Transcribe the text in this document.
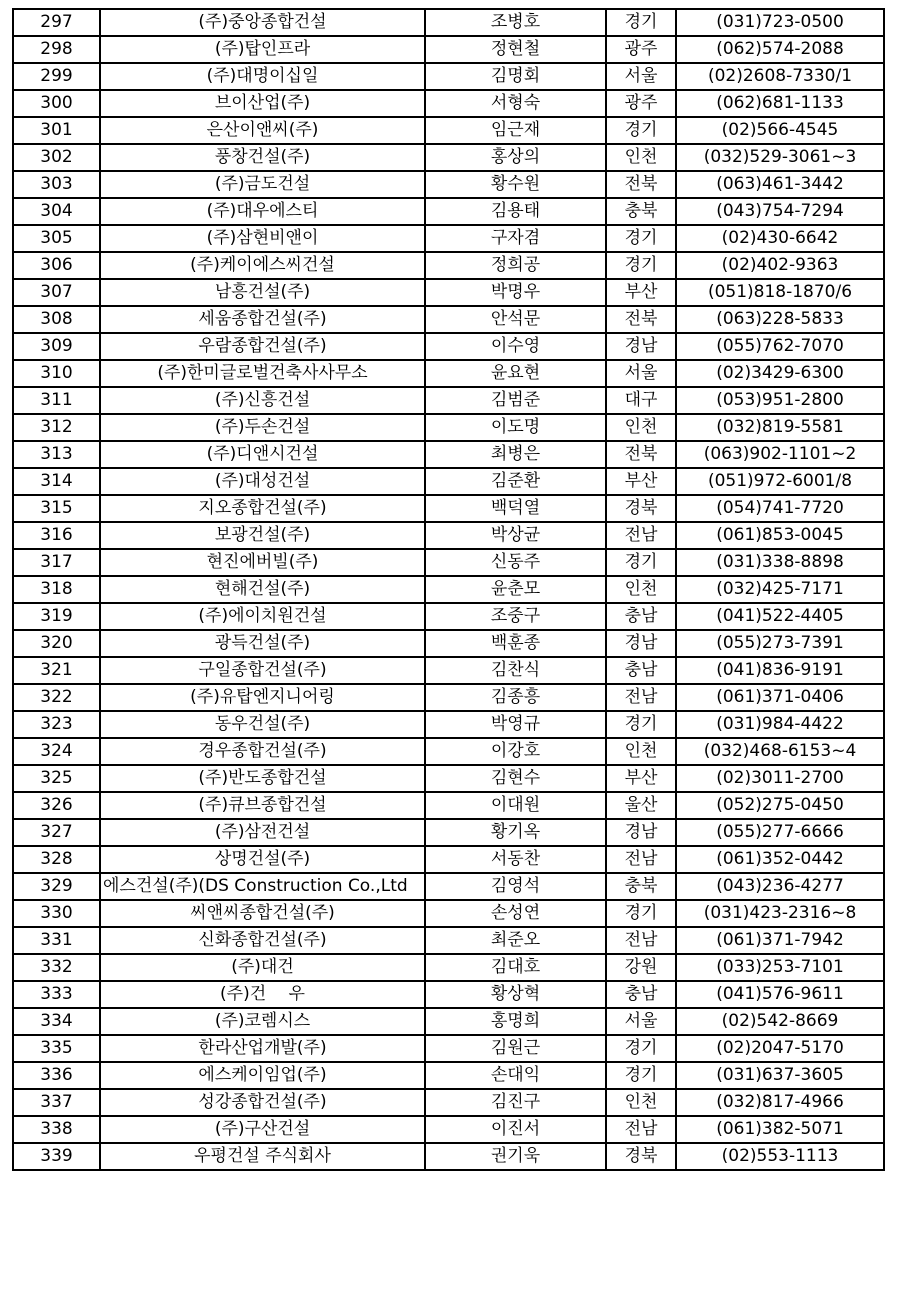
297	(주)중앙종합건설	조병호	경기	(031)723-0500
298	(주)탑인프라	정현철	광주	(062)574-2088
299	(주)대명이십일	김명회	서울	(02)2608-7330/1
300	브이산업(주)	서형숙	광주	(062)681-1133
301	은산이앤씨(주)	임근재	경기	(02)566-4545
302	풍창건설(주)	홍상의	인천	(032)529-3061~3
303	(주)금도건설	황수원	전북	(063)461-3442
304	(주)대우에스티	김용태	충북	(043)754-7294
305	(주)삼현비앤이	구자겸	경기	(02)430-6642
306	(주)케이에스씨건설	정희공	경기	(02)402-9363
307	남흥건설(주)	박명우	부산	(051)818-1870/6
308	세움종합건설(주)	안석문	전북	(063)228-5833
309	우람종합건설(주)	이수영	경남	(055)762-7070
310	(주)한미글로벌건축사사무소	윤요현	서울	(02)3429-6300
311	(주)신흥건설	김범준	대구	(053)951-2800
312	(주)두손건설	이도명	인천	(032)819-5581
313	(주)디앤시건설	최병은	전북	(063)902-1101~2
314	(주)대성건설	김준환	부산	(051)972-6001/8
315	지오종합건설(주)	백덕열	경북	(054)741-7720
316	보광건설(주)	박상균	전남	(061)853-0045
317	현진에버빌(주)	신동주	경기	(031)338-8898
318	현해건설(주)	윤춘모	인천	(032)425-7171
319	(주)에이치원건설	조중구	충남	(041)522-4405
320	광득건설(주)	백훈종	경남	(055)273-7391
321	구일종합건설(주)	김찬식	충남	(041)836-9191
322	(주)유탑엔지니어링	김종흥	전남	(061)371-0406
323	동우건설(주)	박영규	경기	(031)984-4422
324	경우종합건설(주)	이강호	인천	(032)468-6153~4
325	(주)반도종합건설	김현수	부산	(02)3011-2700
326	(주)큐브종합건설	이대원	울산	(052)275-0450
327	(주)삼전건설	황기옥	경남	(055)277-6666
328	상명건설(주)	서동찬	전남	(061)352-0442
329	에스건설(주)(DS Construction Co.,Ltd	김영석	충북	(043)236-4277
330	씨앤씨종합건설(주)	손성연	경기	(031)423-2316~8
331	신화종합건설(주)	최준오	전남	(061)371-7942
332	(주)대건	김대호	강원	(033)253-7101
333	(주)건　 우	황상혁	충남	(041)576-9611
334	(주)코렘시스	홍명희	서울	(02)542-8669
335	한라산업개발(주)	김원근	경기	(02)2047-5170
336	에스케이임업(주)	손대익	경기	(031)637-3605
337	성강종합건설(주)	김진구	인천	(032)817-4966
338	(주)구산건설	이진서	전남	(061)382-5071
339	우평건설 주식회사	권기욱	경북	(02)553-1113
